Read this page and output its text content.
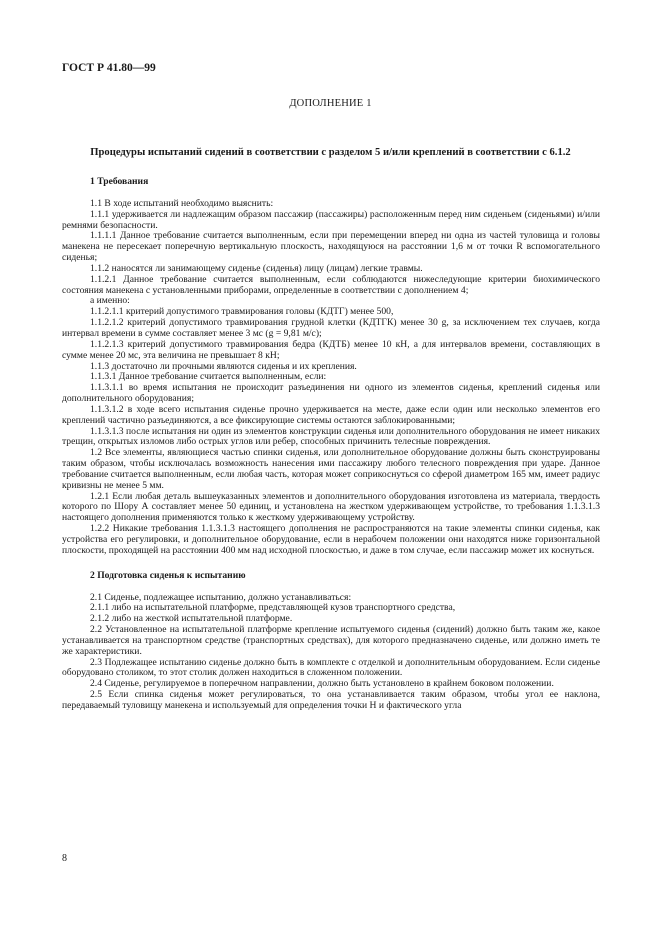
ГОСТ Р 41.80—99
ДОПОЛНЕНИЕ 1
Процедуры испытаний сидений в соответствии с разделом 5 и/или креплений в соответствии с 6.1.2
1 Требования

1.1 В ходе испытаний необходимо выяснить:

1.1.1 удерживается ли надлежащим образом пассажир (пассажиры) расположенным перед ним сиденьем (сиденьями) и/или ремнями безопасности.

1.1.1.1 Данное требование считается выполненным, если при перемещении вперед ни одна из частей туловища и головы манекена не пересекает поперечную вертикальную плоскость, находящуюся на расстоянии 1,6 м от точки R вспомогательного сиденья;

1.1.2 наносятся ли занимающему сиденье (сиденья) лицу (лицам) легкие травмы.

1.1.2.1 Данное требование считается выполненным, если соблюдаются нижеследующие критерии биохимического состояния манекена с установленными приборами, определенные в соответствии с дополнением 4;

а именно:

1.1.2.1.1 критерий допустимого травмирования головы (КДТГ) менее 500,

1.1.2.1.2 критерий допустимого травмирования грудной клетки (КДТГК) менее 30 g, за исключением тех случаев, когда интервал времени в сумме составляет менее 3 мс (g = 9,81 м/с);

1.1.2.1.3 критерий допустимого травмирования бедра (КДТБ) менее 10 кН, а для интервалов времени, составляющих в сумме менее 20 мс, эта величина не превышает 8 кН;

1.1.3 достаточно ли прочными являются сиденья и их крепления.

1.1.3.1 Данное требование считается выполненным, если:

1.1.3.1.1 во время испытания не происходит разъединения ни одного из элементов сиденья, креплений сиденья или дополнительного оборудования;

1.1.3.1.2 в ходе всего испытания сиденье прочно удерживается на месте, даже если один или несколько элементов его креплений частично разъединяются, а все фиксирующие системы остаются заблокированными;

1.1.3.1.3 после испытания ни один из элементов конструкции сиденья или дополнительного оборудования не имеет никаких трещин, открытых изломов либо острых углов или ребер, способных причинить телесные повреждения.

1.2 Все элементы, являющиеся частью спинки сиденья, или дополнительное оборудование должны быть сконструированы таким образом, чтобы исключалась возможность нанесения ими пассажиру любого телесного повреждения при ударе. Данное требование считается выполненным, если любая часть, которая может соприкоснуться со сферой диаметром 165 мм, имеет радиус кривизны не менее 5 мм.

1.2.1 Если любая деталь вышеуказанных элементов и дополнительного оборудования изготовлена из материала, твердость которого по Шору А составляет менее 50 единиц, и установлена на жестком удерживающем устройстве, то требования 1.1.3.1.3 настоящего дополнения применяются только к жесткому удерживающему устройству.

1.2.2 Никакие требования 1.1.3.1.3 настоящего дополнения не распространяются на такие элементы спинки сиденья, как устройства его регулировки, и дополнительное оборудование, если в нерабочем положении они находятся ниже горизонтальной плоскости, проходящей на расстоянии 400 мм над исходной плоскостью, и даже в том случае, если пассажир может их коснуться.

2 Подготовка сиденья к испытанию

2.1 Сиденье, подлежащее испытанию, должно устанавливаться:

2.1.1 либо на испытательной платформе, представляющей кузов транспортного средства,

2.1.2 либо на жесткой испытательной платформе.

2.2 Установленное на испытательной платформе крепление испытуемого сиденья (сидений) должно быть таким же, какое устанавливается на транспортном средстве (транспортных средствах), для которого предназначено сиденье, или должно иметь те же характеристики.

2.3 Подлежащее испытанию сиденье должно быть в комплекте с отделкой и дополнительным оборудованием. Если сиденье оборудовано столиком, то этот столик должен находиться в сложенном положении.

2.4 Сиденье, регулируемое в поперечном направлении, должно быть установлено в крайнем боковом положении.

2.5 Если спинка сиденья может регулироваться, то она устанавливается таким образом, чтобы угол ее наклона, передаваемый туловищу манекена и используемый для определения точки H и фактического угла

8
